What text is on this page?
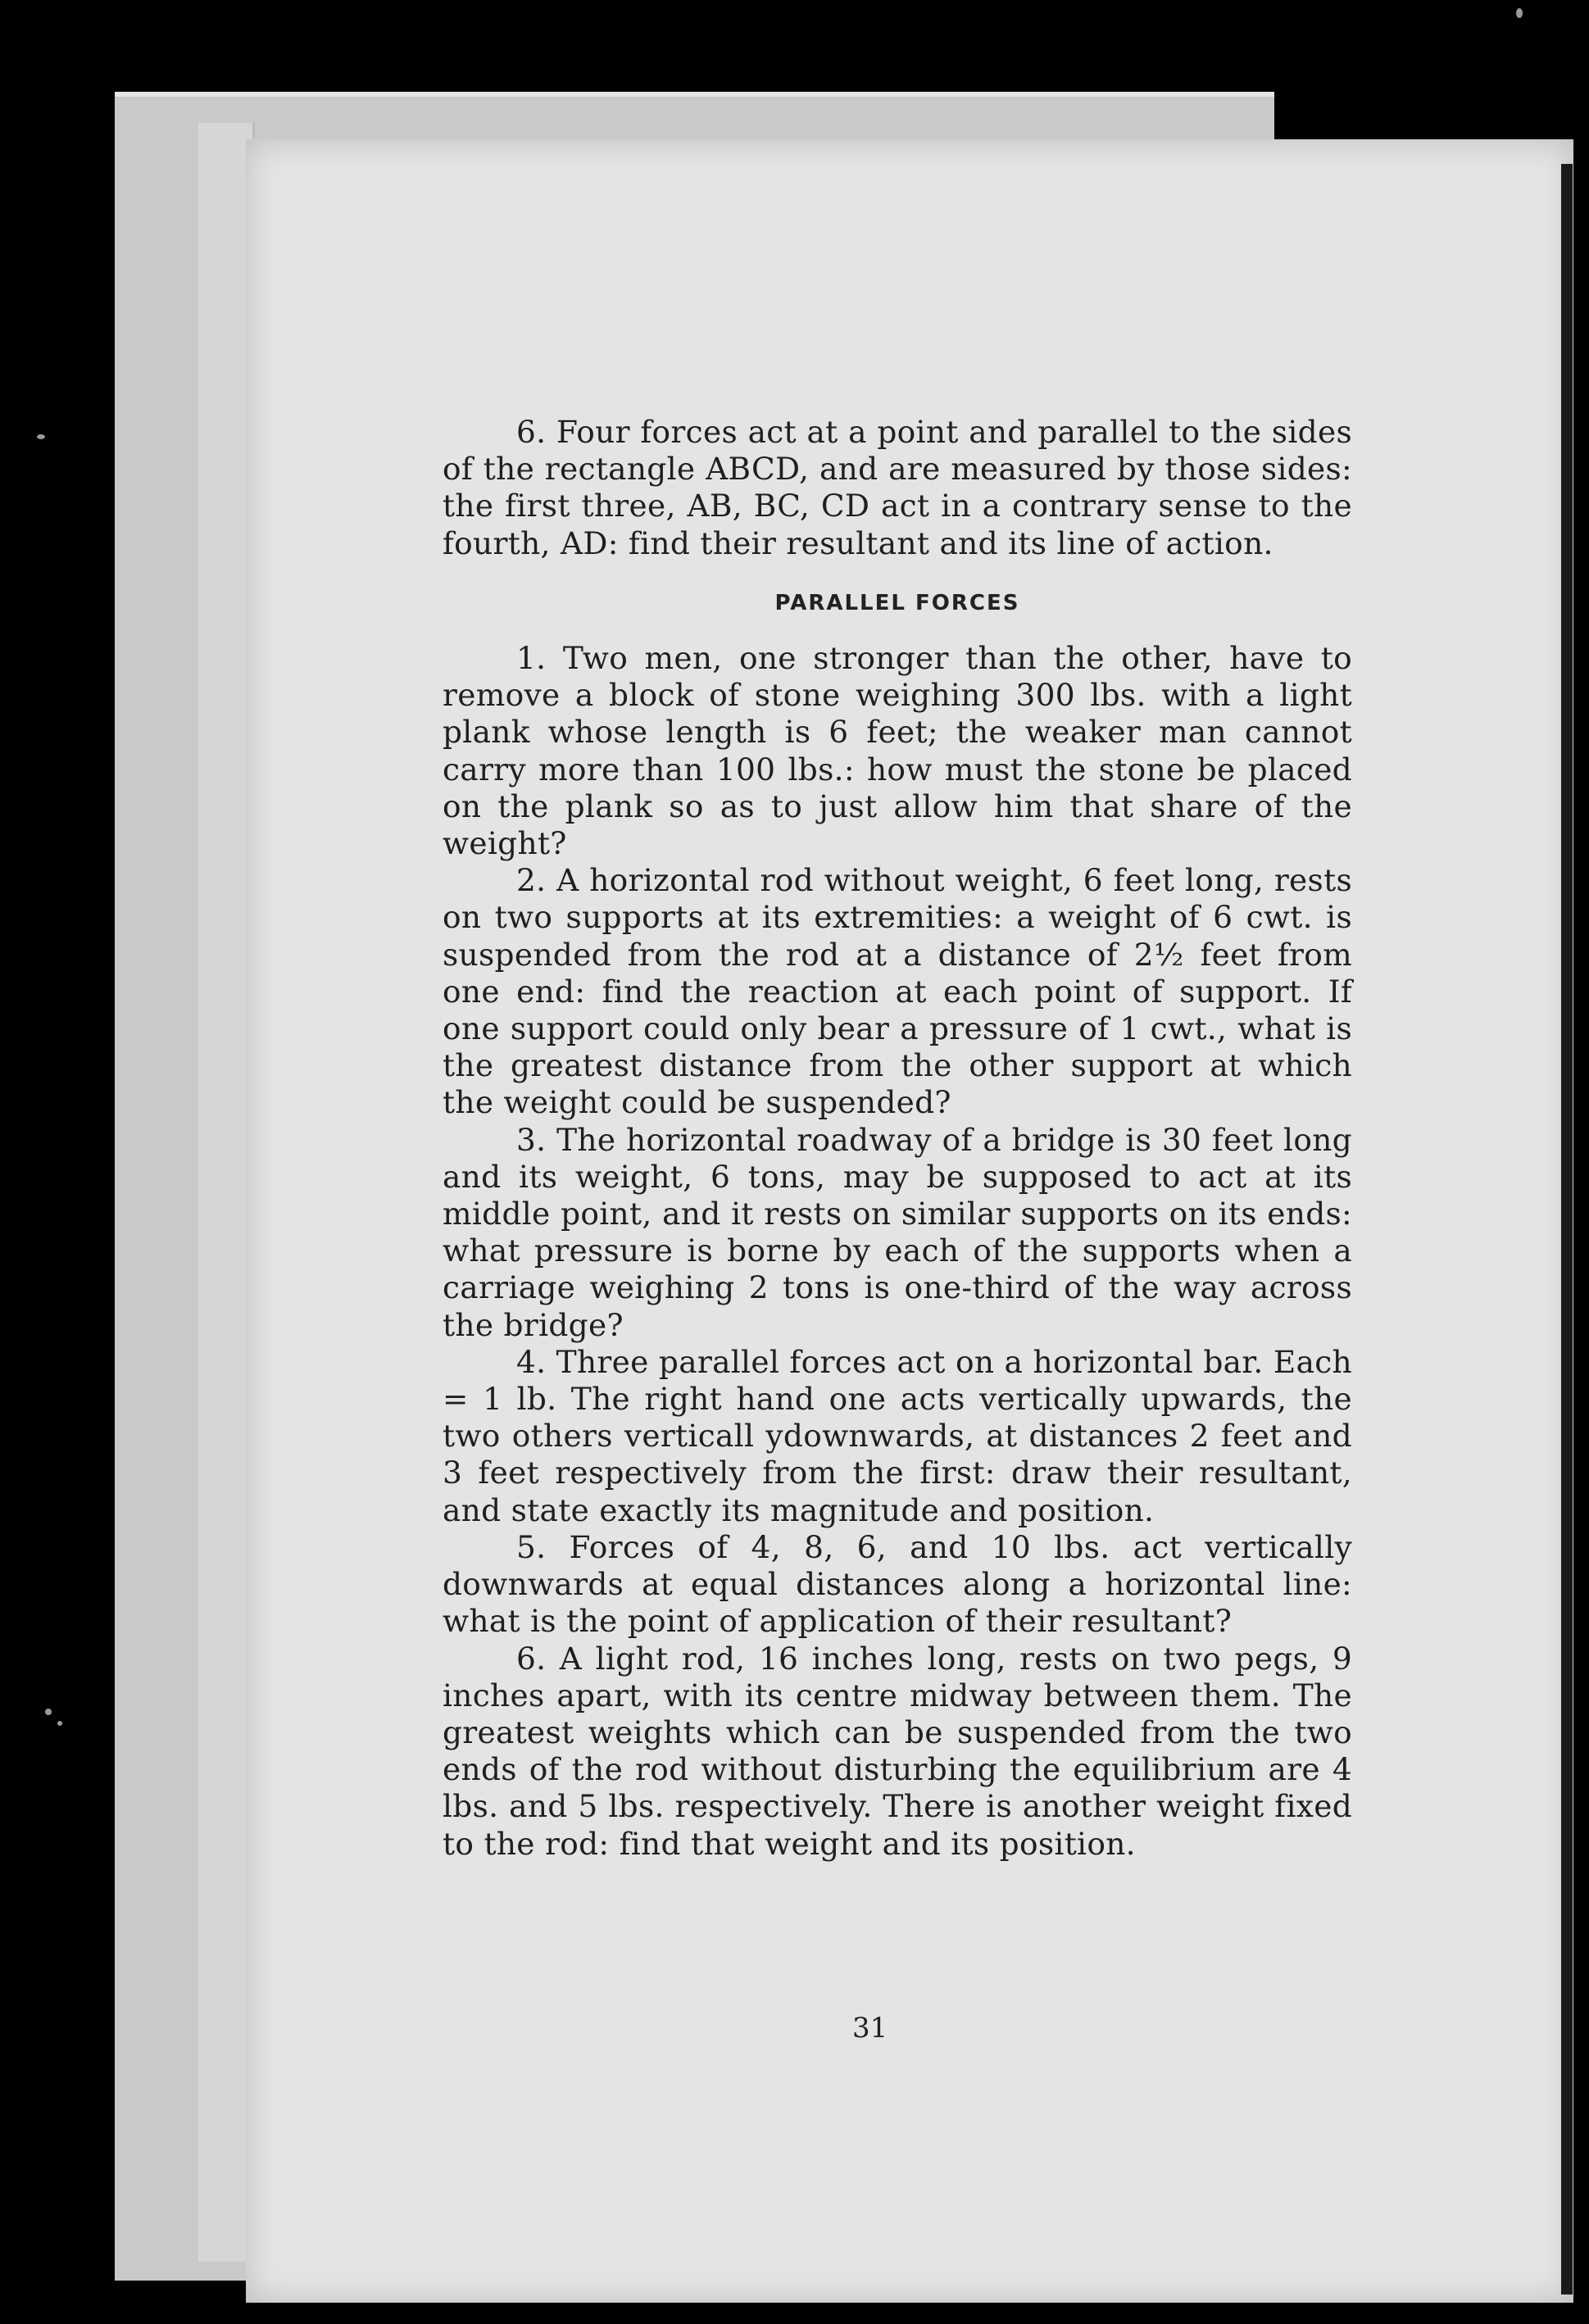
6. Four forces act at a point and parallel to the sides of the rectangle ABCD, and are measured by those sides: the first three, AB, BC, CD act in a contrary sense to the fourth, AD: find their resultant and its line of action.

PARALLEL FORCES

1. Two men, one stronger than the other, have to remove a block of stone weighing 300 lbs. with a light plank whose length is 6 feet; the weaker man cannot carry more than 100 lbs.: how must the stone be placed on the plank so as to just allow him that share of the weight?

2. A horizontal rod without weight, 6 feet long, rests on two supports at its extremities: a weight of 6 cwt. is suspended from the rod at a distance of 2½ feet from one end: find the reaction at each point of support. If one support could only bear a pressure of 1 cwt., what is the greatest distance from the other support at which the weight could be suspended?

3. The horizontal roadway of a bridge is 30 feet long and its weight, 6 tons, may be supposed to act at its middle point, and it rests on similar supports on its ends: what pressure is borne by each of the supports when a carriage weighing 2 tons is one-third of the way across the bridge?

4. Three parallel forces act on a horizontal bar. Each = 1 lb. The right hand one acts vertically upwards, the two others verticall ydownwards, at distances 2 feet and 3 feet respectively from the first: draw their resultant, and state exactly its magnitude and position.

5. Forces of 4, 8, 6, and 10 lbs. act vertically downwards at equal distances along a horizontal line: what is the point of application of their resultant?

6. A light rod, 16 inches long, rests on two pegs, 9 inches apart, with its centre midway between them. The greatest weights which can be suspended from the two ends of the rod without disturbing the equilibrium are 4 lbs. and 5 lbs. respectively. There is another weight fixed to the rod: find that weight and its position.

31
